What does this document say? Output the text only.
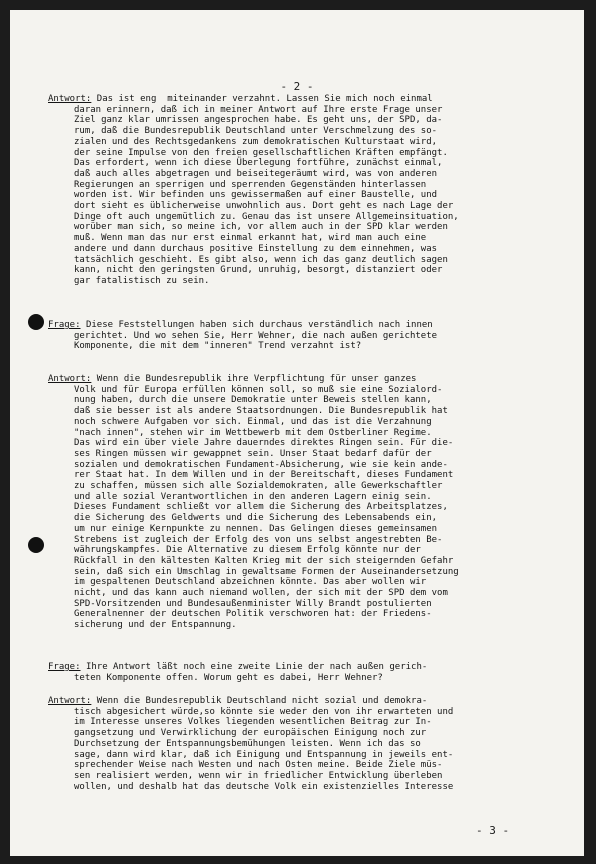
- 2 -
Antwort: Das ist eng  miteinander verzahnt. Lassen Sie mich noch einmal
daran erinnern, daß ich in meiner Antwort auf Ihre erste Frage unser
Ziel ganz klar umrissen angesprochen habe. Es geht uns, der SPD, da-
rum, daß die Bundesrepublik Deutschland unter Verschmelzung des so-
zialen und des Rechtsgedankens zum demokratischen Kulturstaat wird,
der seine Impulse von den freien gesellschaftlichen Kräften empfängt.
Das erfordert, wenn ich diese Überlegung fortführe, zunächst einmal,
daß auch alles abgetragen und beiseitegeräumt wird, was von anderen
Regierungen an sperrigen und sperrenden Gegenständen hinterlassen
worden ist. Wir befinden uns gewissermaßen auf einer Baustelle, und
dort sieht es üblicherweise unwohnlich aus. Dort geht es nach Lage der
Dinge oft auch ungemütlich zu. Genau das ist unsere Allgemeinsituation,
worüber man sich, so meine ich, vor allem auch in der SPD klar werden
muß. Wenn man das nur erst einmal erkannt hat, wird man auch eine
andere und dann durchaus positive Einstellung zu dem einnehmen, was
tatsächlich geschieht. Es gibt also, wenn ich das ganz deutlich sagen
kann, nicht den geringsten Grund, unruhig, besorgt, distanziert oder
gar fatalistisch zu sein.
Frage: Diese Feststellungen haben sich durchaus verständlich nach innen
gerichtet. Und wo sehen Sie, Herr Wehner, die nach außen gerichtete
Komponente, die mit dem "inneren" Trend verzahnt ist?
Antwort: Wenn die Bundesrepublik ihre Verpflichtung für unser ganzes
Volk und für Europa erfüllen können soll, so muß sie eine Sozialord-
nung haben, durch die unsere Demokratie unter Beweis stellen kann,
daß sie besser ist als andere Staatsordnungen. Die Bundesrepublik hat
noch schwere Aufgaben vor sich. Einmal, und das ist die Verzahnung
"nach innen", stehen wir im Wettbewerb mit dem Ostberliner Regime.
Das wird ein über viele Jahre dauerndes direktes Ringen sein. Für die-
ses Ringen müssen wir gewappnet sein. Unser Staat bedarf dafür der
sozialen und demokratischen Fundament-Absicherung, wie sie kein ande-
rer Staat hat. In dem Willen und in der Bereitschaft, dieses Fundament
zu schaffen, müssen sich alle Sozialdemokraten, alle Gewerkschaftler
und alle sozial Verantwortlichen in den anderen Lagern einig sein.
Dieses Fundament schließt vor allem die Sicherung des Arbeitsplatzes,
die Sicherung des Geldwerts und die Sicherung des Lebensabends ein,
um nur einige Kernpunkte zu nennen. Das Gelingen dieses gemeinsamen
Strebens ist zugleich der Erfolg des von uns selbst angestrebten Be-
währungskampfes. Die Alternative zu diesem Erfolg könnte nur der
Rückfall in den kältesten Kalten Krieg mit der sich steigernden Gefahr
sein, daß sich ein Umschlag in gewaltsame Formen der Auseinandersetzung
im gespaltenen Deutschland abzeichnen könnte. Das aber wollen wir
nicht, und das kann auch niemand wollen, der sich mit der SPD dem vom
SPD-Vorsitzenden und Bundesaußenminister Willy Brandt postulierten
Generalnenner der deutschen Politik verschworen hat: der Friedens-
sicherung und der Entspannung.
Frage: Ihre Antwort läßt noch eine zweite Linie der nach außen gerich-
teten Komponente offen. Worum geht es dabei, Herr Wehner?
Antwort: Wenn die Bundesrepublik Deutschland nicht sozial und demokra-
tisch abgesichert würde,so könnte sie weder den von ihr erwarteten und
im Interesse unseres Volkes liegenden wesentlichen Beitrag zur In-
gangsetzung und Verwirklichung der europäischen Einigung noch zur
Durchsetzung der Entspannungsbemühungen leisten. Wenn ich das so
sage, dann wird klar, daß ich Einigung und Entspannung in jeweils ent-
sprechender Weise nach Westen und nach Osten meine. Beide Ziele müs-
sen realisiert werden, wenn wir in friedlicher Entwicklung überleben
wollen, und deshalb hat das deutsche Volk ein existenzielles Interesse
- 3 -
